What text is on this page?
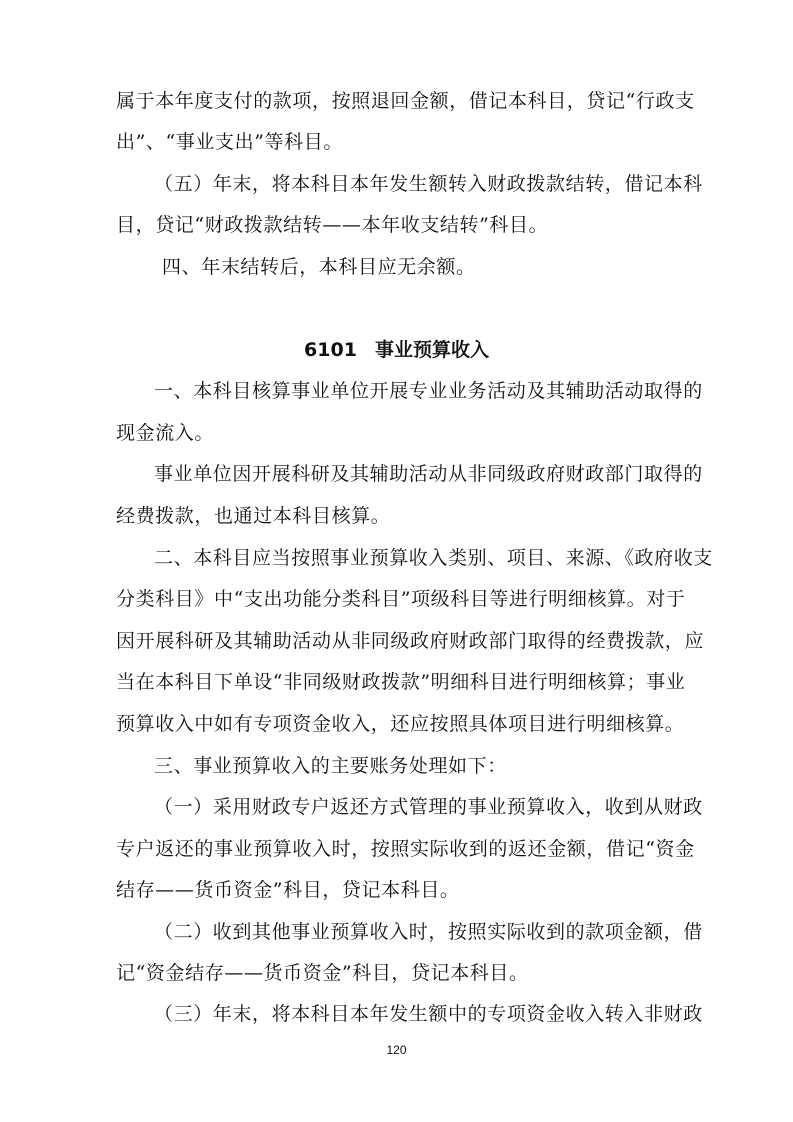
属于本年度支付的款项，按照退回金额，借记本科目，贷记“行政支
出”、“事业支出”等科目。
（五）年末，将本科目本年发生额转入财政拨款结转，借记本科
目，贷记“财政拨款结转——本年收支结转”科目。
四、年末结转后，本科目应无余额。
6101 事业预算收入
一、本科目核算事业单位开展专业业务活动及其辅助活动取得的
现金流入。
事业单位因开展科研及其辅助活动从非同级政府财政部门取得的
经费拨款，也通过本科目核算。
二、本科目应当按照事业预算收入类别、项目、来源、《政府收支
分类科目》中“支出功能分类科目”项级科目等进行明细核算。对于
因开展科研及其辅助活动从非同级政府财政部门取得的经费拨款，应
当在本科目下单设“非同级财政拨款”明细科目进行明细核算；事业
预算收入中如有专项资金收入，还应按照具体项目进行明细核算。
三、事业预算收入的主要账务处理如下：
（一）采用财政专户返还方式管理的事业预算收入，收到从财政
专户返还的事业预算收入时，按照实际收到的返还金额，借记“资金
结存——货币资金”科目，贷记本科目。
（二）收到其他事业预算收入时，按照实际收到的款项金额，借
记“资金结存——货币资金”科目，贷记本科目。
（三）年末，将本科目本年发生额中的专项资金收入转入非财政
120
